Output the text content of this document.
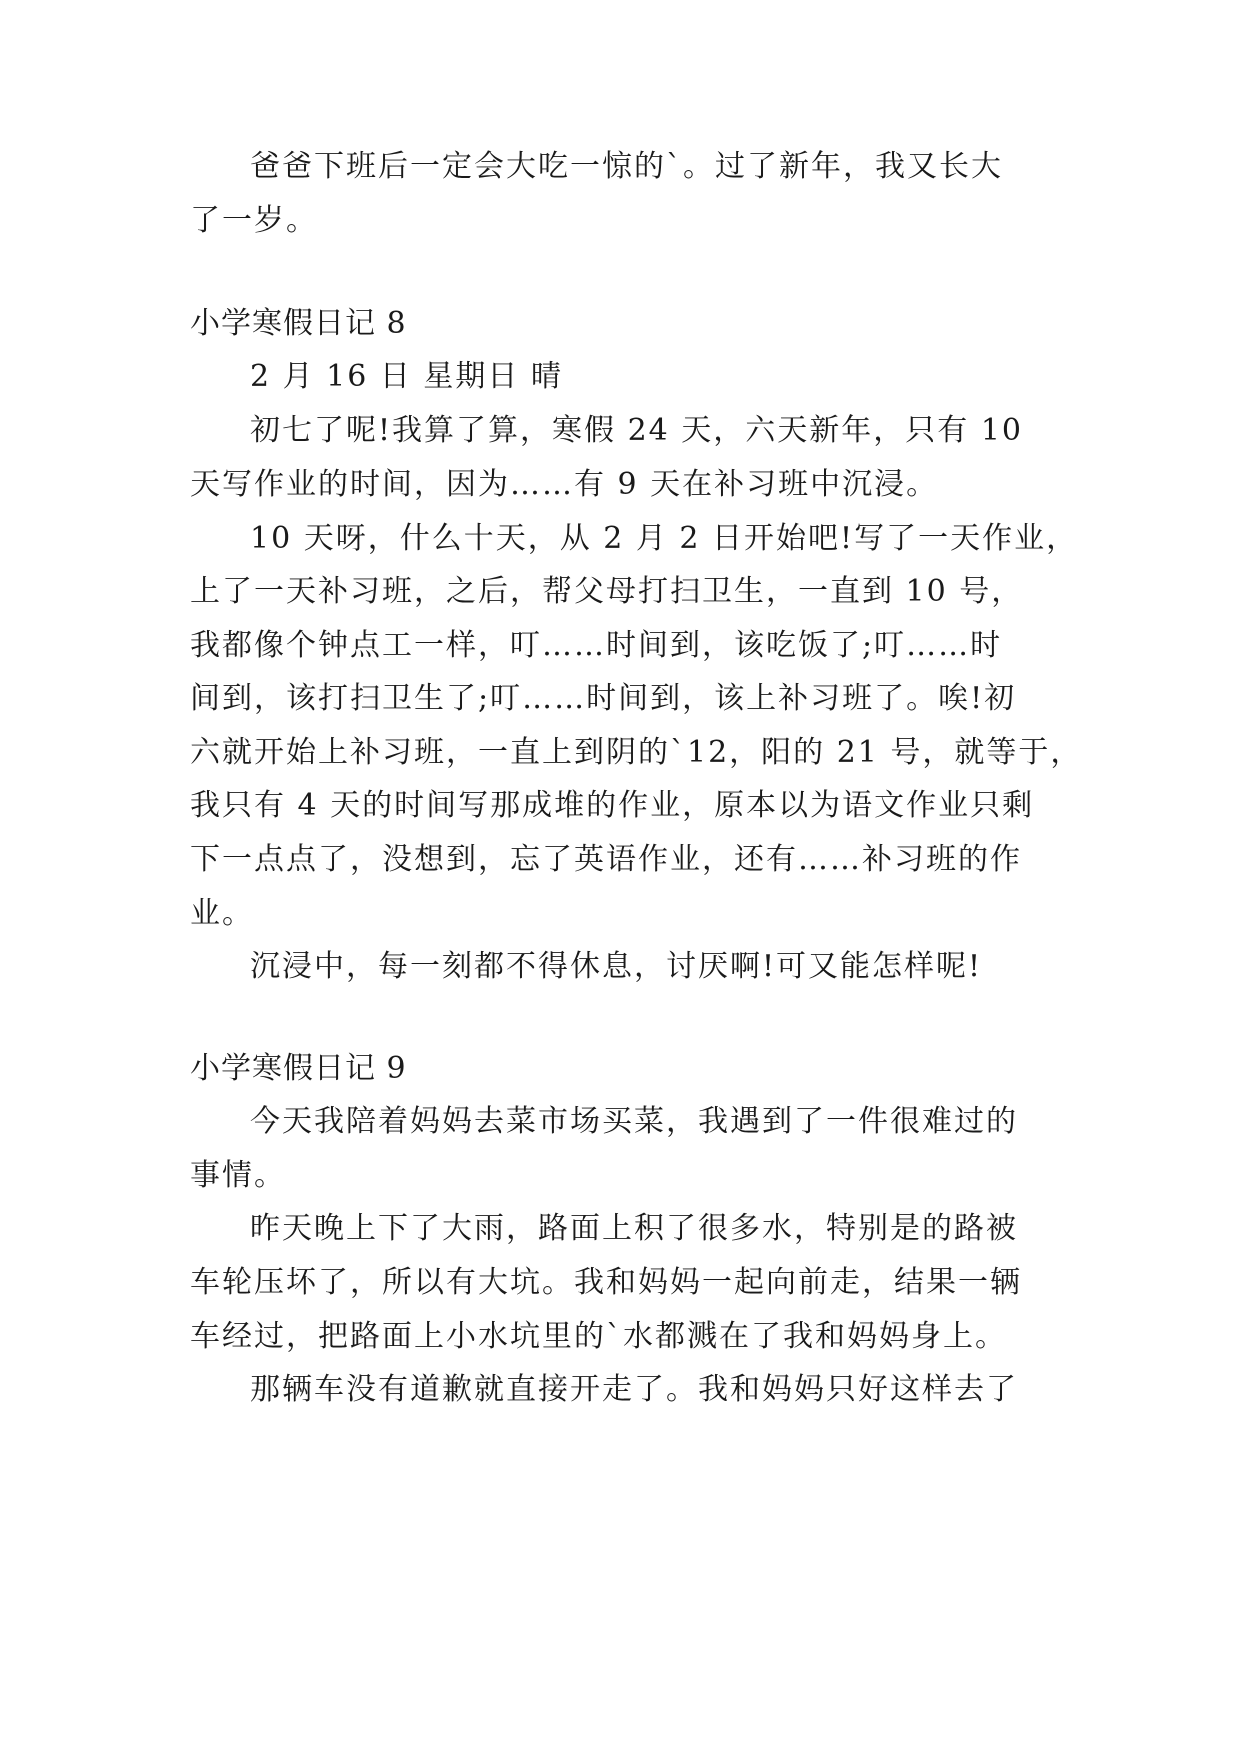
爸爸下班后一定会大吃一惊的`。过了新年，我又长大
了一岁。
小学寒假日记 8
2 月 16 日 星期日 晴
初七了呢!我算了算，寒假 24 天，六天新年，只有 10
天写作业的时间，因为……有 9 天在补习班中沉浸。
10 天呀，什么十天，从 2 月 2 日开始吧!写了一天作业，
上了一天补习班，之后，帮父母打扫卫生，一直到 10 号，
我都像个钟点工一样，叮……时间到，该吃饭了;叮……时
间到，该打扫卫生了;叮……时间到，该上补习班了。唉!初
六就开始上补习班，一直上到阴的`12，阳的 21 号，就等于，
我只有 4 天的时间写那成堆的作业，原本以为语文作业只剩
下一点点了，没想到，忘了英语作业，还有……补习班的作
业。
沉浸中，每一刻都不得休息，讨厌啊!可又能怎样呢!
小学寒假日记 9
今天我陪着妈妈去菜市场买菜，我遇到了一件很难过的
事情。
昨天晚上下了大雨，路面上积了很多水，特别是的路被
车轮压坏了，所以有大坑。我和妈妈一起向前走，结果一辆
车经过，把路面上小水坑里的`水都溅在了我和妈妈身上。
那辆车没有道歉就直接开走了。我和妈妈只好这样去了
